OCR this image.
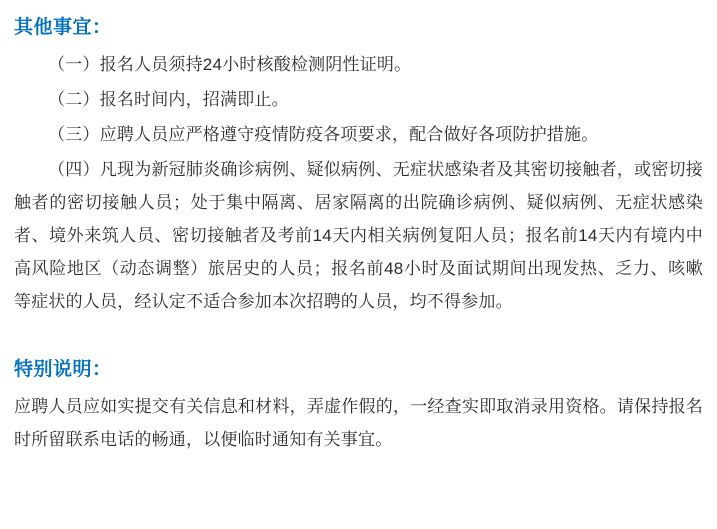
其他事宜：

（一）报名人员须持24小时核酸检测阴性证明。

（二）报名时间内，招满即止。

（三）应聘人员应严格遵守疫情防疫各项要求，配合做好各项防护措施。

（四）凡现为新冠肺炎确诊病例、疑似病例、无症状感染者及其密切接触者，或密切接触者的密切接触人员；处于集中隔离、居家隔离的出院确诊病例、疑似病例、无症状感染者、境外来筑人员、密切接触者及考前14天内相关病例复阳人员；报名前14天内有境内中高风险地区（动态调整）旅居史的人员；报名前48小时及面试期间出现发热、乏力、咳嗽等症状的人员，经认定不适合参加本次招聘的人员，均不得参加。

特别说明：

应聘人员应如实提交有关信息和材料，弄虚作假的，一经查实即取消录用资格。请保持报名时所留联系电话的畅通，以便临时通知有关事宜。
